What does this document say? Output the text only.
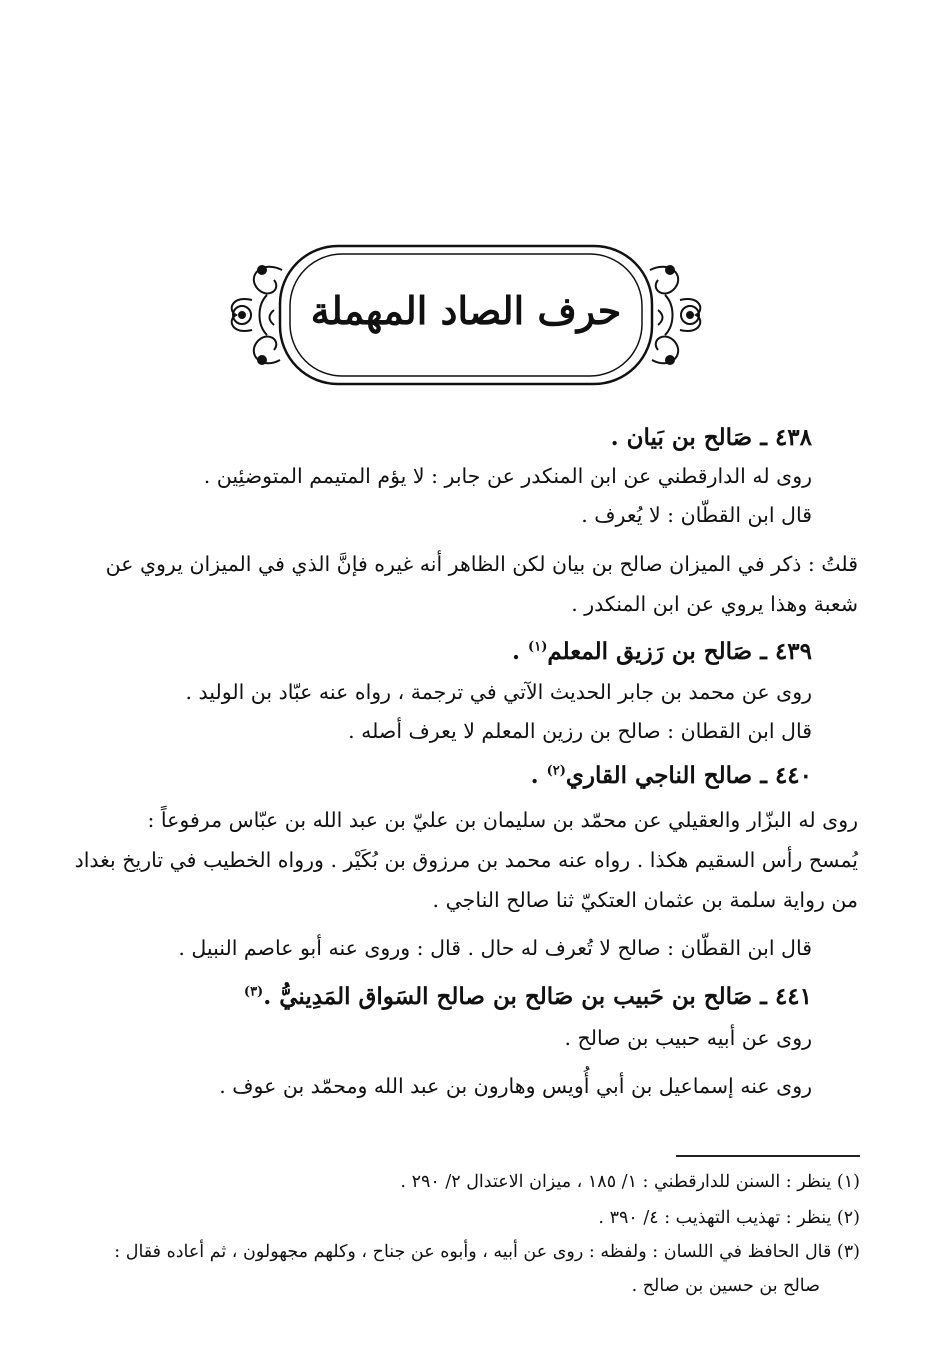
حرف الصاد المهملة
٤٣٨ ـ صَالح بن بَيان .
روى له الدارقطني عن ابن المنكدر عن جابر : لا يؤم المتيمم المتوضئِين .
قال ابن القطّان : لا يُعرف .
قلتُ : ذكر في الميزان صالح بن بيان لكن الظاهر أنه غيره فإنَّ الذي في الميزان يروي عن
شعبة وهذا يروي عن ابن المنكدر .
٤٣٩ ـ صَالح بن رَزيق المعلم$^{(١)}$ .
روى عن محمد بن جابر الحديث الآتي في ترجمة ، رواه عنه عبّاد بن الوليد .
قال ابن القطان : صالح بن رزين المعلم لا يعرف أصله .
٤٤٠ ـ صالح الناجي القاري$^{(٢)}$ .
روى له البزّار والعقيلي عن محمّد بن سليمان بن عليّ بن عبد الله بن عبّاس مرفوعاً :
يُمسح رأس السقيم هكذا . رواه عنه محمد بن مرزوق بن بُكَيْر . ورواه الخطيب في تاريخ بغداد
من رواية سلمة بن عثمان العتكيّ ثنا صالح الناجي .
قال ابن القطّان : صالح لا تُعرف له حال . قال : وروى عنه أبو عاصم النبيل .
٤٤١ ـ صَالح بن حَبيب بن صَالح بن صالح السَواق المَدِينيُّ .$^{(٣)}$
روى عن أبيه حبيب بن صالح .
روى عنه إسماعيل بن أبي أُويس وهارون بن عبد الله ومحمّد بن عوف .
(١) ينظر : السنن للدارقطني : ١/ ١٨٥ ، ميزان الاعتدال ٢/ ٢٩٠ .
(٢) ينظر : تهذيب التهذيب : ٤/ ٣٩٠ .
(٣) قال الحافظ في اللسان : ولفظه : روى عن أبيه ، وأبوه عن جناح ، وكلهم مجهولون ، ثم أعاده فقال :
صالح بن حسين بن صالح .
